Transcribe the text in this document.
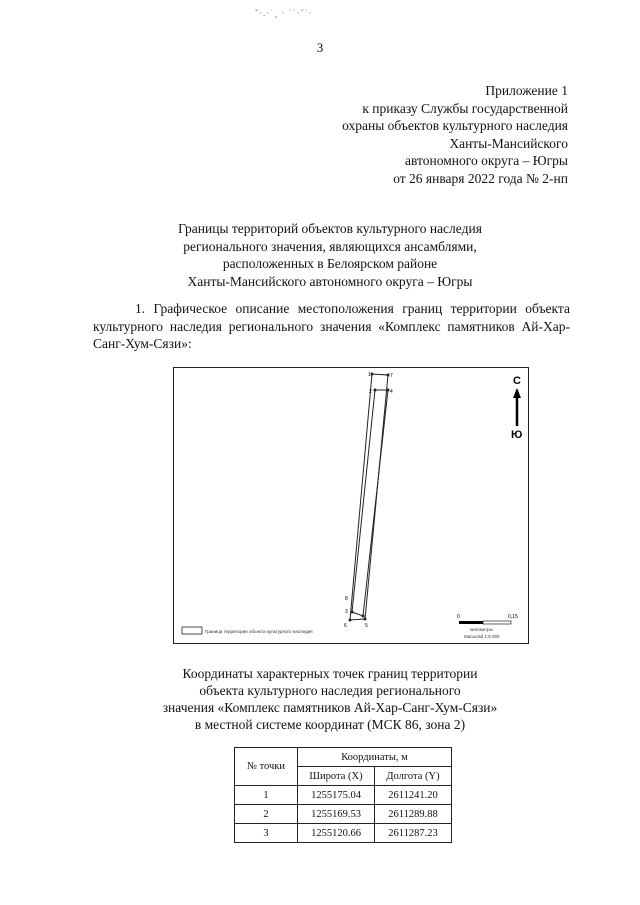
ˇ·.·˙¸ · ˙˙·ˇ˙·
3
Приложение 1
к приказу Службы государственной
охраны объектов культурного наследия
Ханты-Мансийского
автономного округа – Югры
от 26 января 2022 года № 2-нп
Границы территорий объектов культурного наследия
регионального значения, являющихся ансамблями,
расположенных в Белоярском районе
Ханты-Мансийского автономного округа – Югры
1. Графическое описание местоположения границ территории объекта культурного наследия регионального значения «Комплекс памятников Ай-Хар-Санг-Хум-Сязи»:
1	7
2	4
8
3
6	5
С
Ю
Граница территории объекта культурного наследия
0	0,15
километры
Масштаб 1:5 000
Координаты характерных точек границ территории
объекта культурного наследия регионального
значения «Комплекс памятников Ай-Хар-Санг-Хум-Сязи»
в местной системе координат (МСК 86, зона 2)
№ точки	Координаты, м	
	Широта (X)	Долгота (Y)
1	1255175.04	2611241.20
2	1255169.53	2611289.88
3	1255120.66	2611287.23
